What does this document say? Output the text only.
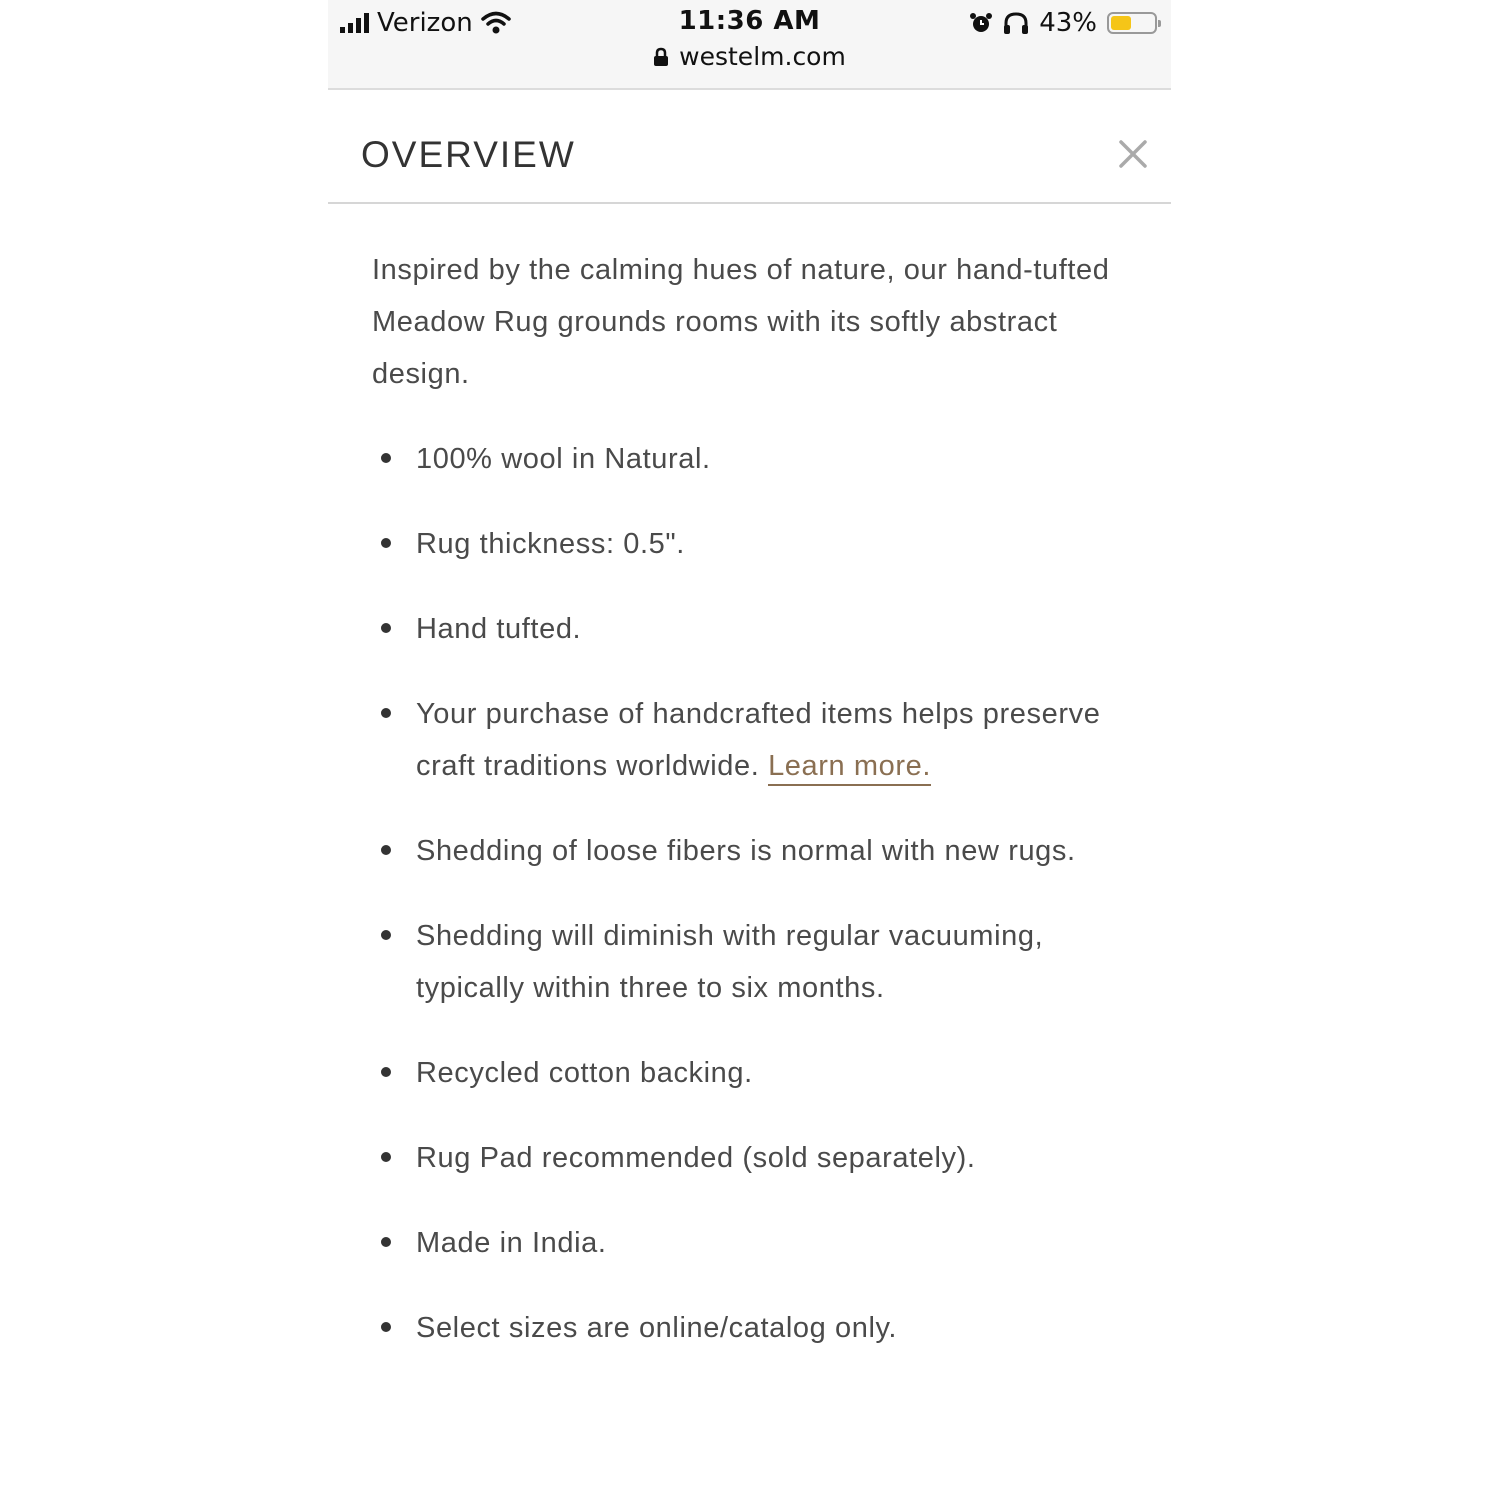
Verizon	11:36 AM	43%
westelm.com
OVERVIEW

Inspired by the calming hues of nature, our hand-tufted Meadow Rug grounds rooms with its softly abstract design.

100% wool in Natural.
Rug thickness: 0.5".
Hand tufted.
Your purchase of handcrafted items helps preserve craft traditions worldwide. Learn more.
Shedding of loose fibers is normal with new rugs.
Shedding will diminish with regular vacuuming, typically within three to six months.
Recycled cotton backing.
Rug Pad recommended (sold separately).
Made in India.
Select sizes are online/catalog only.
